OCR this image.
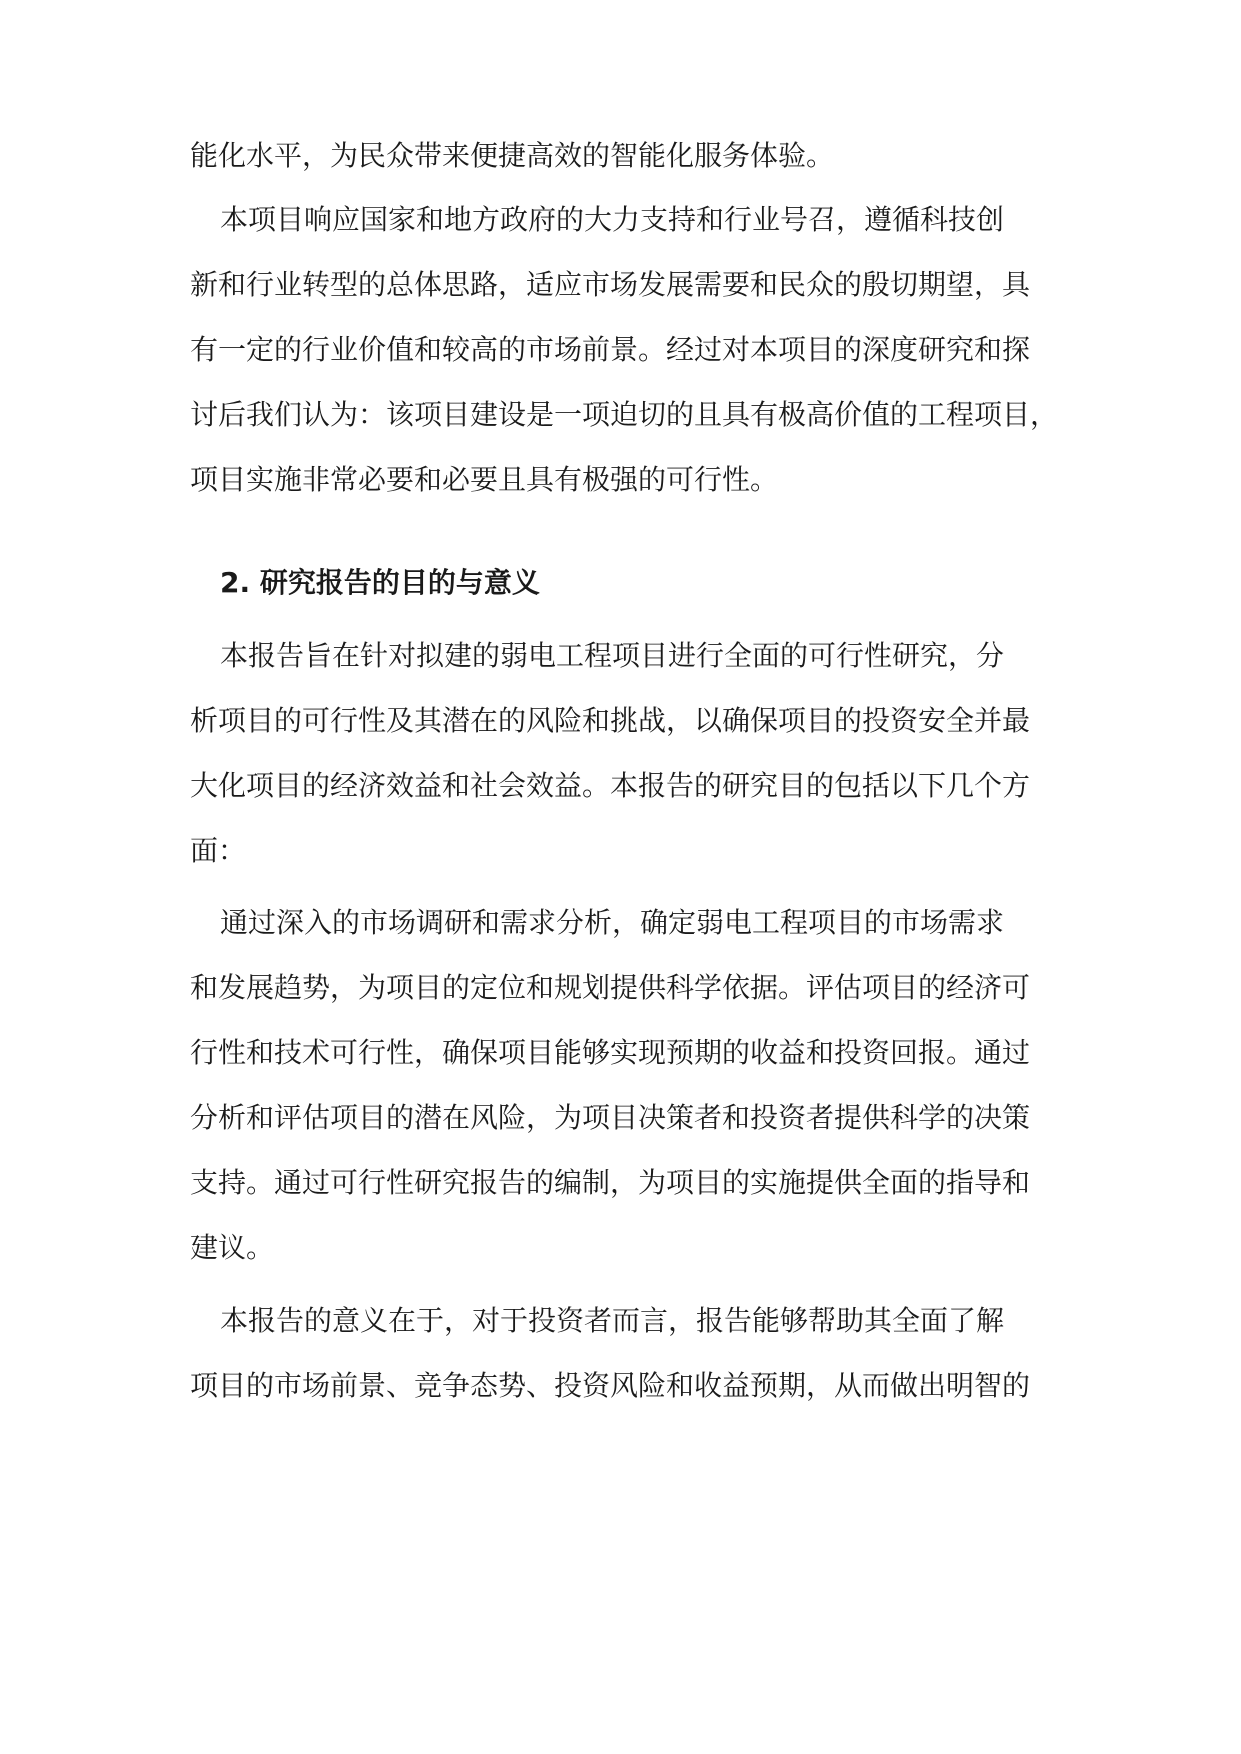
能化水平，为民众带来便捷高效的智能化服务体验。
本项目响应国家和地方政府的大力支持和行业号召，遵循科技创
新和行业转型的总体思路，适应市场发展需要和民众的殷切期望，具
有一定的行业价值和较高的市场前景。经过对本项目的深度研究和探
讨后我们认为：该项目建设是一项迫切的且具有极高价值的工程项目，
项目实施非常必要和必要且具有极强的可行性。
2. 研究报告的目的与意义
本报告旨在针对拟建的弱电工程项目进行全面的可行性研究，分
析项目的可行性及其潜在的风险和挑战，以确保项目的投资安全并最
大化项目的经济效益和社会效益。本报告的研究目的包括以下几个方
面：
通过深入的市场调研和需求分析，确定弱电工程项目的市场需求
和发展趋势，为项目的定位和规划提供科学依据。评估项目的经济可
行性和技术可行性，确保项目能够实现预期的收益和投资回报。通过
分析和评估项目的潜在风险，为项目决策者和投资者提供科学的决策
支持。通过可行性研究报告的编制，为项目的实施提供全面的指导和
建议。
本报告的意义在于，对于投资者而言，报告能够帮助其全面了解
项目的市场前景、竞争态势、投资风险和收益预期，从而做出明智的
